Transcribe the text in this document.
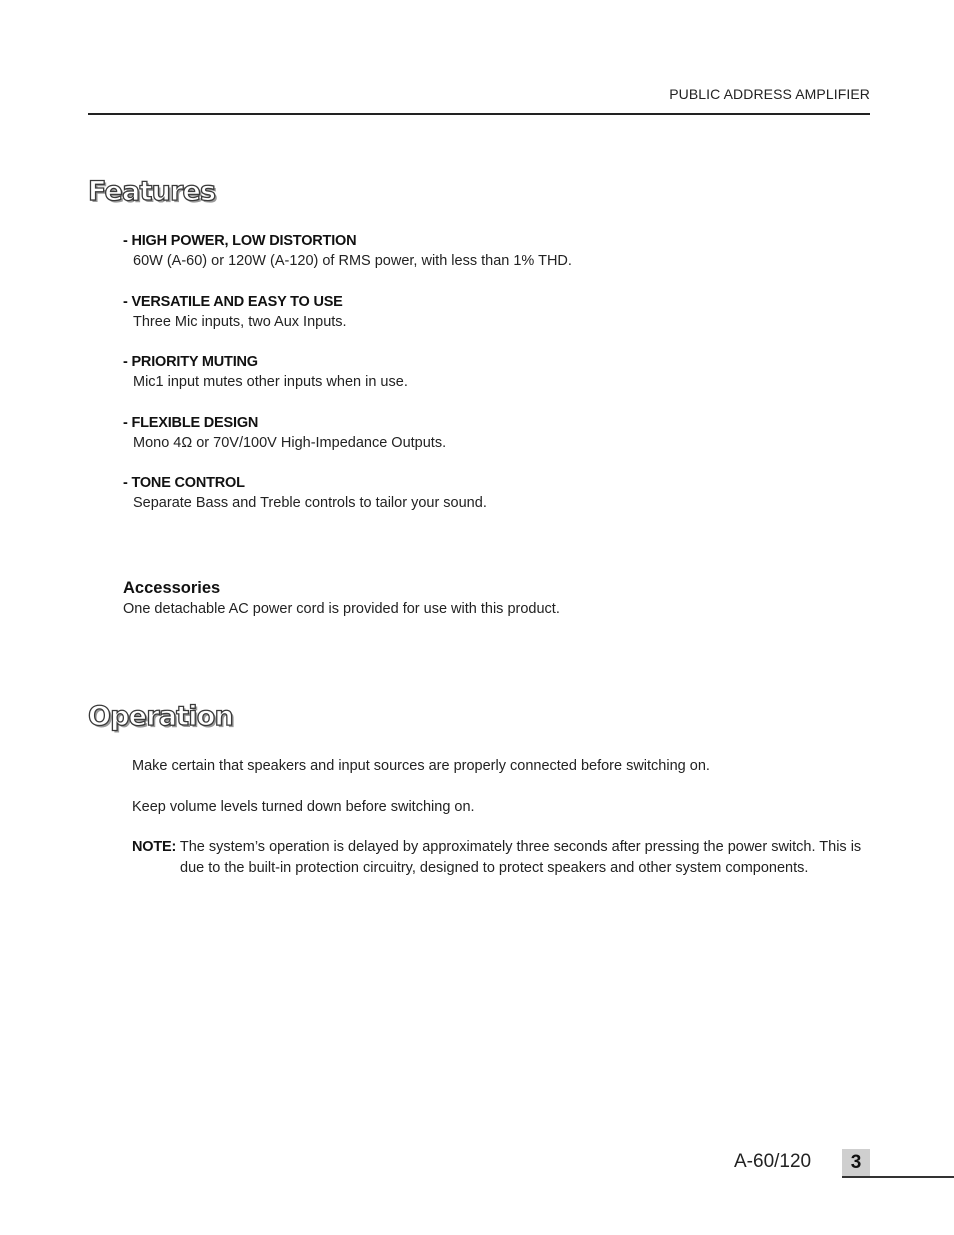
PUBLIC ADDRESS AMPLIFIER
Features
- HIGH POWER, LOW DISTORTION
60W (A-60) or 120W (A-120) of RMS power, with less than 1% THD.
- VERSATILE AND EASY TO USE
Three Mic inputs, two Aux Inputs.
- PRIORITY MUTING
Mic1 input mutes other inputs when in use.
- FLEXIBLE DESIGN
Mono 4Ω or 70V/100V High-Impedance Outputs.
- TONE CONTROL
Separate Bass and Treble controls to tailor your sound.
Accessories
One detachable AC power cord is provided for use with this product.
Operation
Make certain that speakers and input sources are properly connected before switching on.
Keep volume levels turned down before switching on.
NOTE: The system’s operation is delayed by approximately three seconds after pressing the power switch. This is due to the built-in protection circuitry, designed to protect speakers and other system components.
A-60/120	3
